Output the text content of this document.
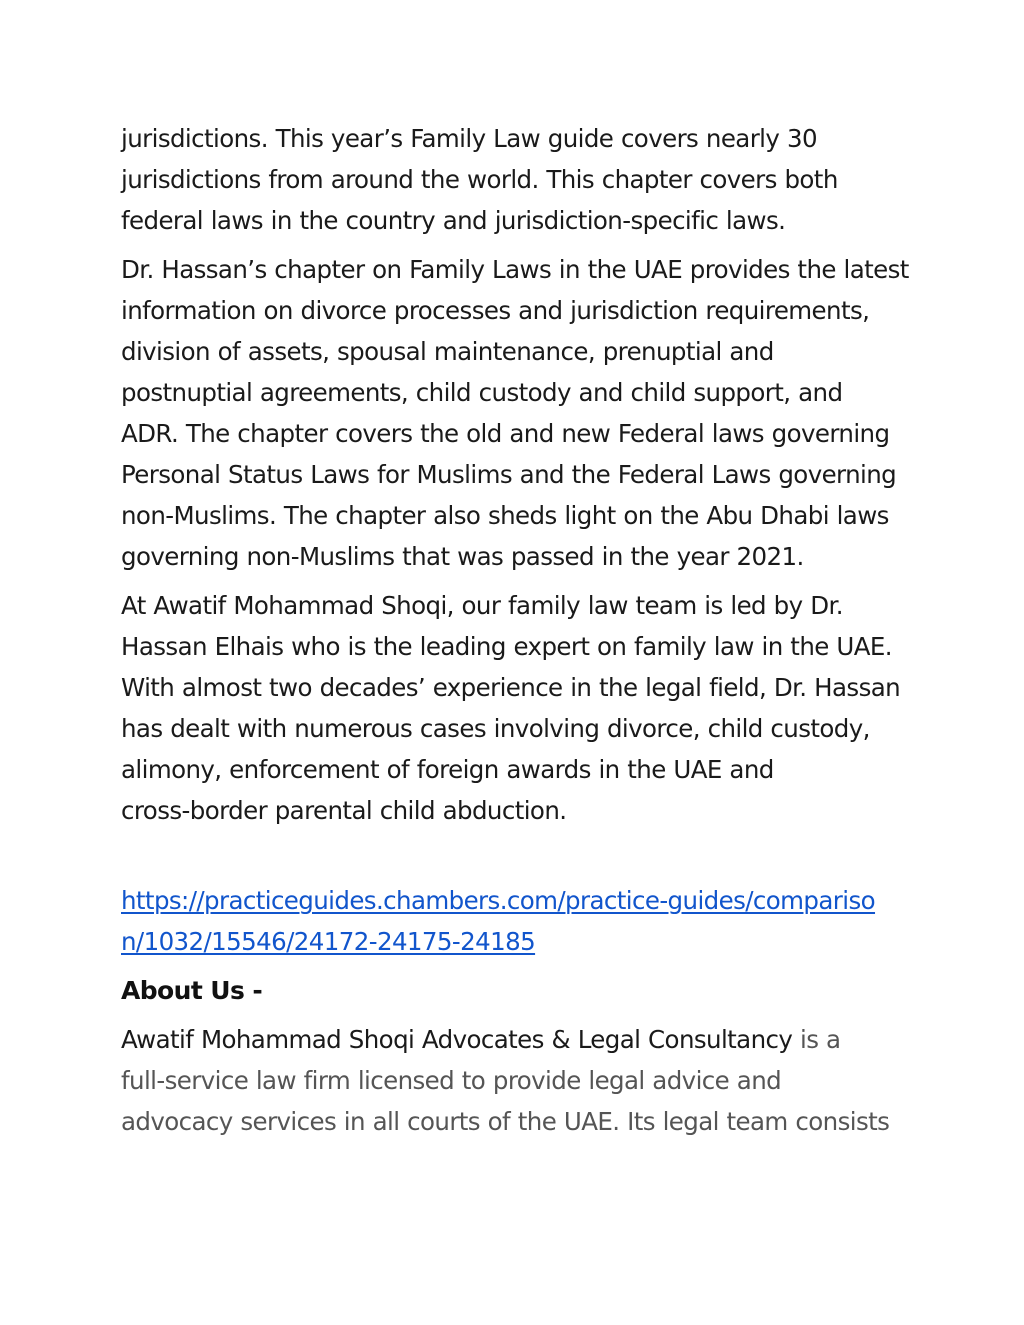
jurisdictions. This year’s Family Law guide covers nearly 30
jurisdictions from around the world. This chapter covers both
federal laws in the country and jurisdiction-specific laws.

Dr. Hassan’s chapter on Family Laws in the UAE provides the latest
information on divorce processes and jurisdiction requirements,
division of assets, spousal maintenance, prenuptial and
postnuptial agreements, child custody and child support, and
ADR. The chapter covers the old and new Federal laws governing
Personal Status Laws for Muslims and the Federal Laws governing
non-Muslims. The chapter also sheds light on the Abu Dhabi laws
governing non-Muslims that was passed in the year 2021.

At Awatif Mohammad Shoqi, our family law team is led by Dr.
Hassan Elhais who is the leading expert on family law in the UAE.
With almost two decades’ experience in the legal field, Dr. Hassan
has dealt with numerous cases involving divorce, child custody,
alimony, enforcement of foreign awards in the UAE and
cross-border parental child abduction.

https://practiceguides.chambers.com/practice-guides/compariso
n/1032/15546/24172-24175-24185

About Us -

Awatif Mohammad Shoqi Advocates & Legal Consultancy is a
full-service law firm licensed to provide legal advice and
advocacy services in all courts of the UAE. Its legal team consists
